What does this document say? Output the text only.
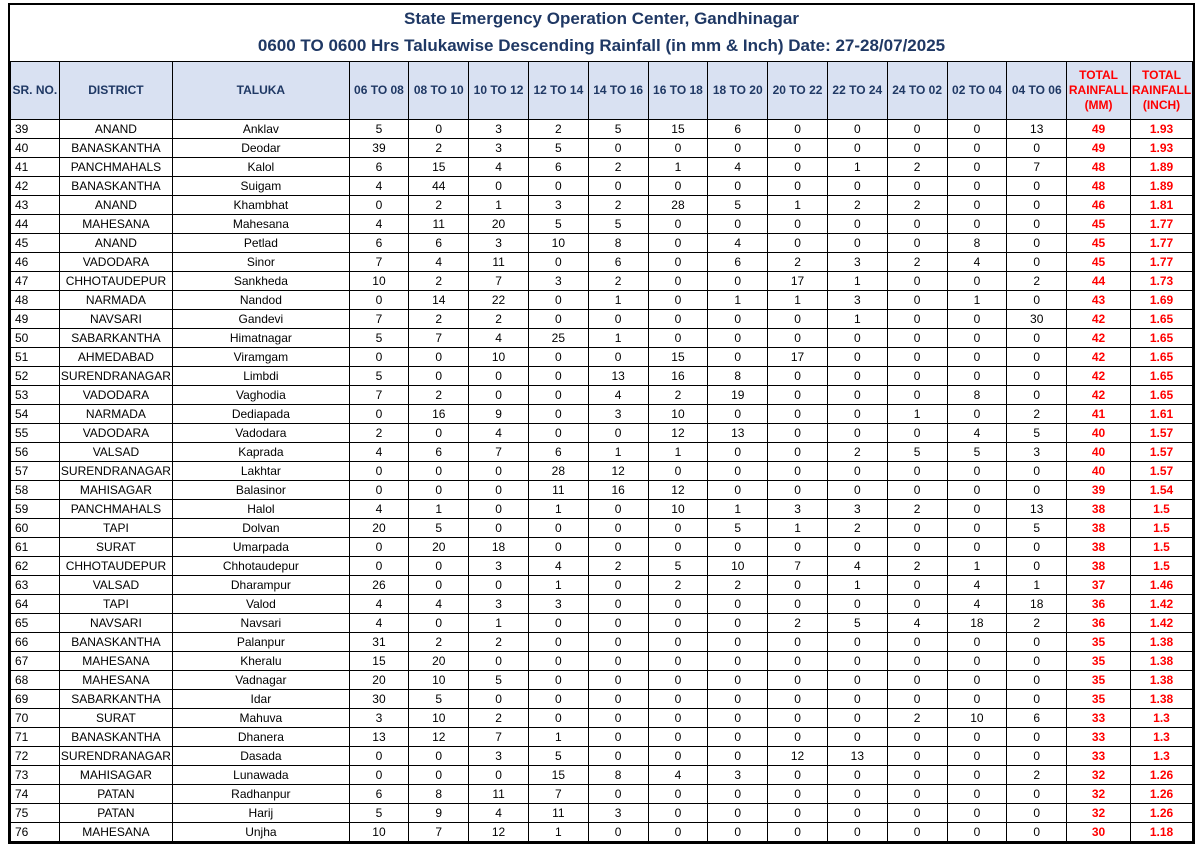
State Emergency Operation Center, Gandhinagar
0600 TO 0600 Hrs Talukawise Descending Rainfall (in mm & Inch) Date: 27-28/07/2025
SR. NO.	DISTRICT	TALUKA	06 TO 08	08 TO 10	10 TO 12	12 TO 14	14 TO 16	16 TO 18	18 TO 20	20 TO 22	22 TO 24	24 TO 02	02 TO 04	04 TO 06	TOTAL RAINFALL (MM)	TOTAL RAINFALL (INCH)
39	ANAND	Anklav	5	0	3	2	5	15	6	0	0	0	0	13	49	1.93
40	BANASKANTHA	Deodar	39	2	3	5	0	0	0	0	0	0	0	0	49	1.93
41	PANCHMAHALS	Kalol	6	15	4	6	2	1	4	0	1	2	0	7	48	1.89
42	BANASKANTHA	Suigam	4	44	0	0	0	0	0	0	0	0	0	0	48	1.89
43	ANAND	Khambhat	0	2	1	3	2	28	5	1	2	2	0	0	46	1.81
44	MAHESANA	Mahesana	4	11	20	5	5	0	0	0	0	0	0	0	45	1.77
45	ANAND	Petlad	6	6	3	10	8	0	4	0	0	0	8	0	45	1.77
46	VADODARA	Sinor	7	4	11	0	6	0	6	2	3	2	4	0	45	1.77
47	CHHOTAUDEPUR	Sankheda	10	2	7	3	2	0	0	17	1	0	0	2	44	1.73
48	NARMADA	Nandod	0	14	22	0	1	0	1	1	3	0	1	0	43	1.69
49	NAVSARI	Gandevi	7	2	2	0	0	0	0	0	1	0	0	30	42	1.65
50	SABARKANTHA	Himatnagar	5	7	4	25	1	0	0	0	0	0	0	0	42	1.65
51	AHMEDABAD	Viramgam	0	0	10	0	0	15	0	17	0	0	0	0	42	1.65
52	SURENDRANAGAR	Limbdi	5	0	0	0	13	16	8	0	0	0	0	0	42	1.65
53	VADODARA	Vaghodia	7	2	0	0	4	2	19	0	0	0	8	0	42	1.65
54	NARMADA	Dediapada	0	16	9	0	3	10	0	0	0	1	0	2	41	1.61
55	VADODARA	Vadodara	2	0	4	0	0	12	13	0	0	0	4	5	40	1.57
56	VALSAD	Kaprada	4	6	7	6	1	1	0	0	2	5	5	3	40	1.57
57	SURENDRANAGAR	Lakhtar	0	0	0	28	12	0	0	0	0	0	0	0	40	1.57
58	MAHISAGAR	Balasinor	0	0	0	11	16	12	0	0	0	0	0	0	39	1.54
59	PANCHMAHALS	Halol	4	1	0	1	0	10	1	3	3	2	0	13	38	1.5
60	TAPI	Dolvan	20	5	0	0	0	0	5	1	2	0	0	5	38	1.5
61	SURAT	Umarpada	0	20	18	0	0	0	0	0	0	0	0	0	38	1.5
62	CHHOTAUDEPUR	Chhotaudepur	0	0	3	4	2	5	10	7	4	2	1	0	38	1.5
63	VALSAD	Dharampur	26	0	0	1	0	2	2	0	1	0	4	1	37	1.46
64	TAPI	Valod	4	4	3	3	0	0	0	0	0	0	4	18	36	1.42
65	NAVSARI	Navsari	4	0	1	0	0	0	0	2	5	4	18	2	36	1.42
66	BANASKANTHA	Palanpur	31	2	2	0	0	0	0	0	0	0	0	0	35	1.38
67	MAHESANA	Kheralu	15	20	0	0	0	0	0	0	0	0	0	0	35	1.38
68	MAHESANA	Vadnagar	20	10	5	0	0	0	0	0	0	0	0	0	35	1.38
69	SABARKANTHA	Idar	30	5	0	0	0	0	0	0	0	0	0	0	35	1.38
70	SURAT	Mahuva	3	10	2	0	0	0	0	0	0	2	10	6	33	1.3
71	BANASKANTHA	Dhanera	13	12	7	1	0	0	0	0	0	0	0	0	33	1.3
72	SURENDRANAGAR	Dasada	0	0	3	5	0	0	0	12	13	0	0	0	33	1.3
73	MAHISAGAR	Lunawada	0	0	0	15	8	4	3	0	0	0	0	2	32	1.26
74	PATAN	Radhanpur	6	8	11	7	0	0	0	0	0	0	0	0	32	1.26
75	PATAN	Harij	5	9	4	11	3	0	0	0	0	0	0	0	32	1.26
76	MAHESANA	Unjha	10	7	12	1	0	0	0	0	0	0	0	0	30	1.18
